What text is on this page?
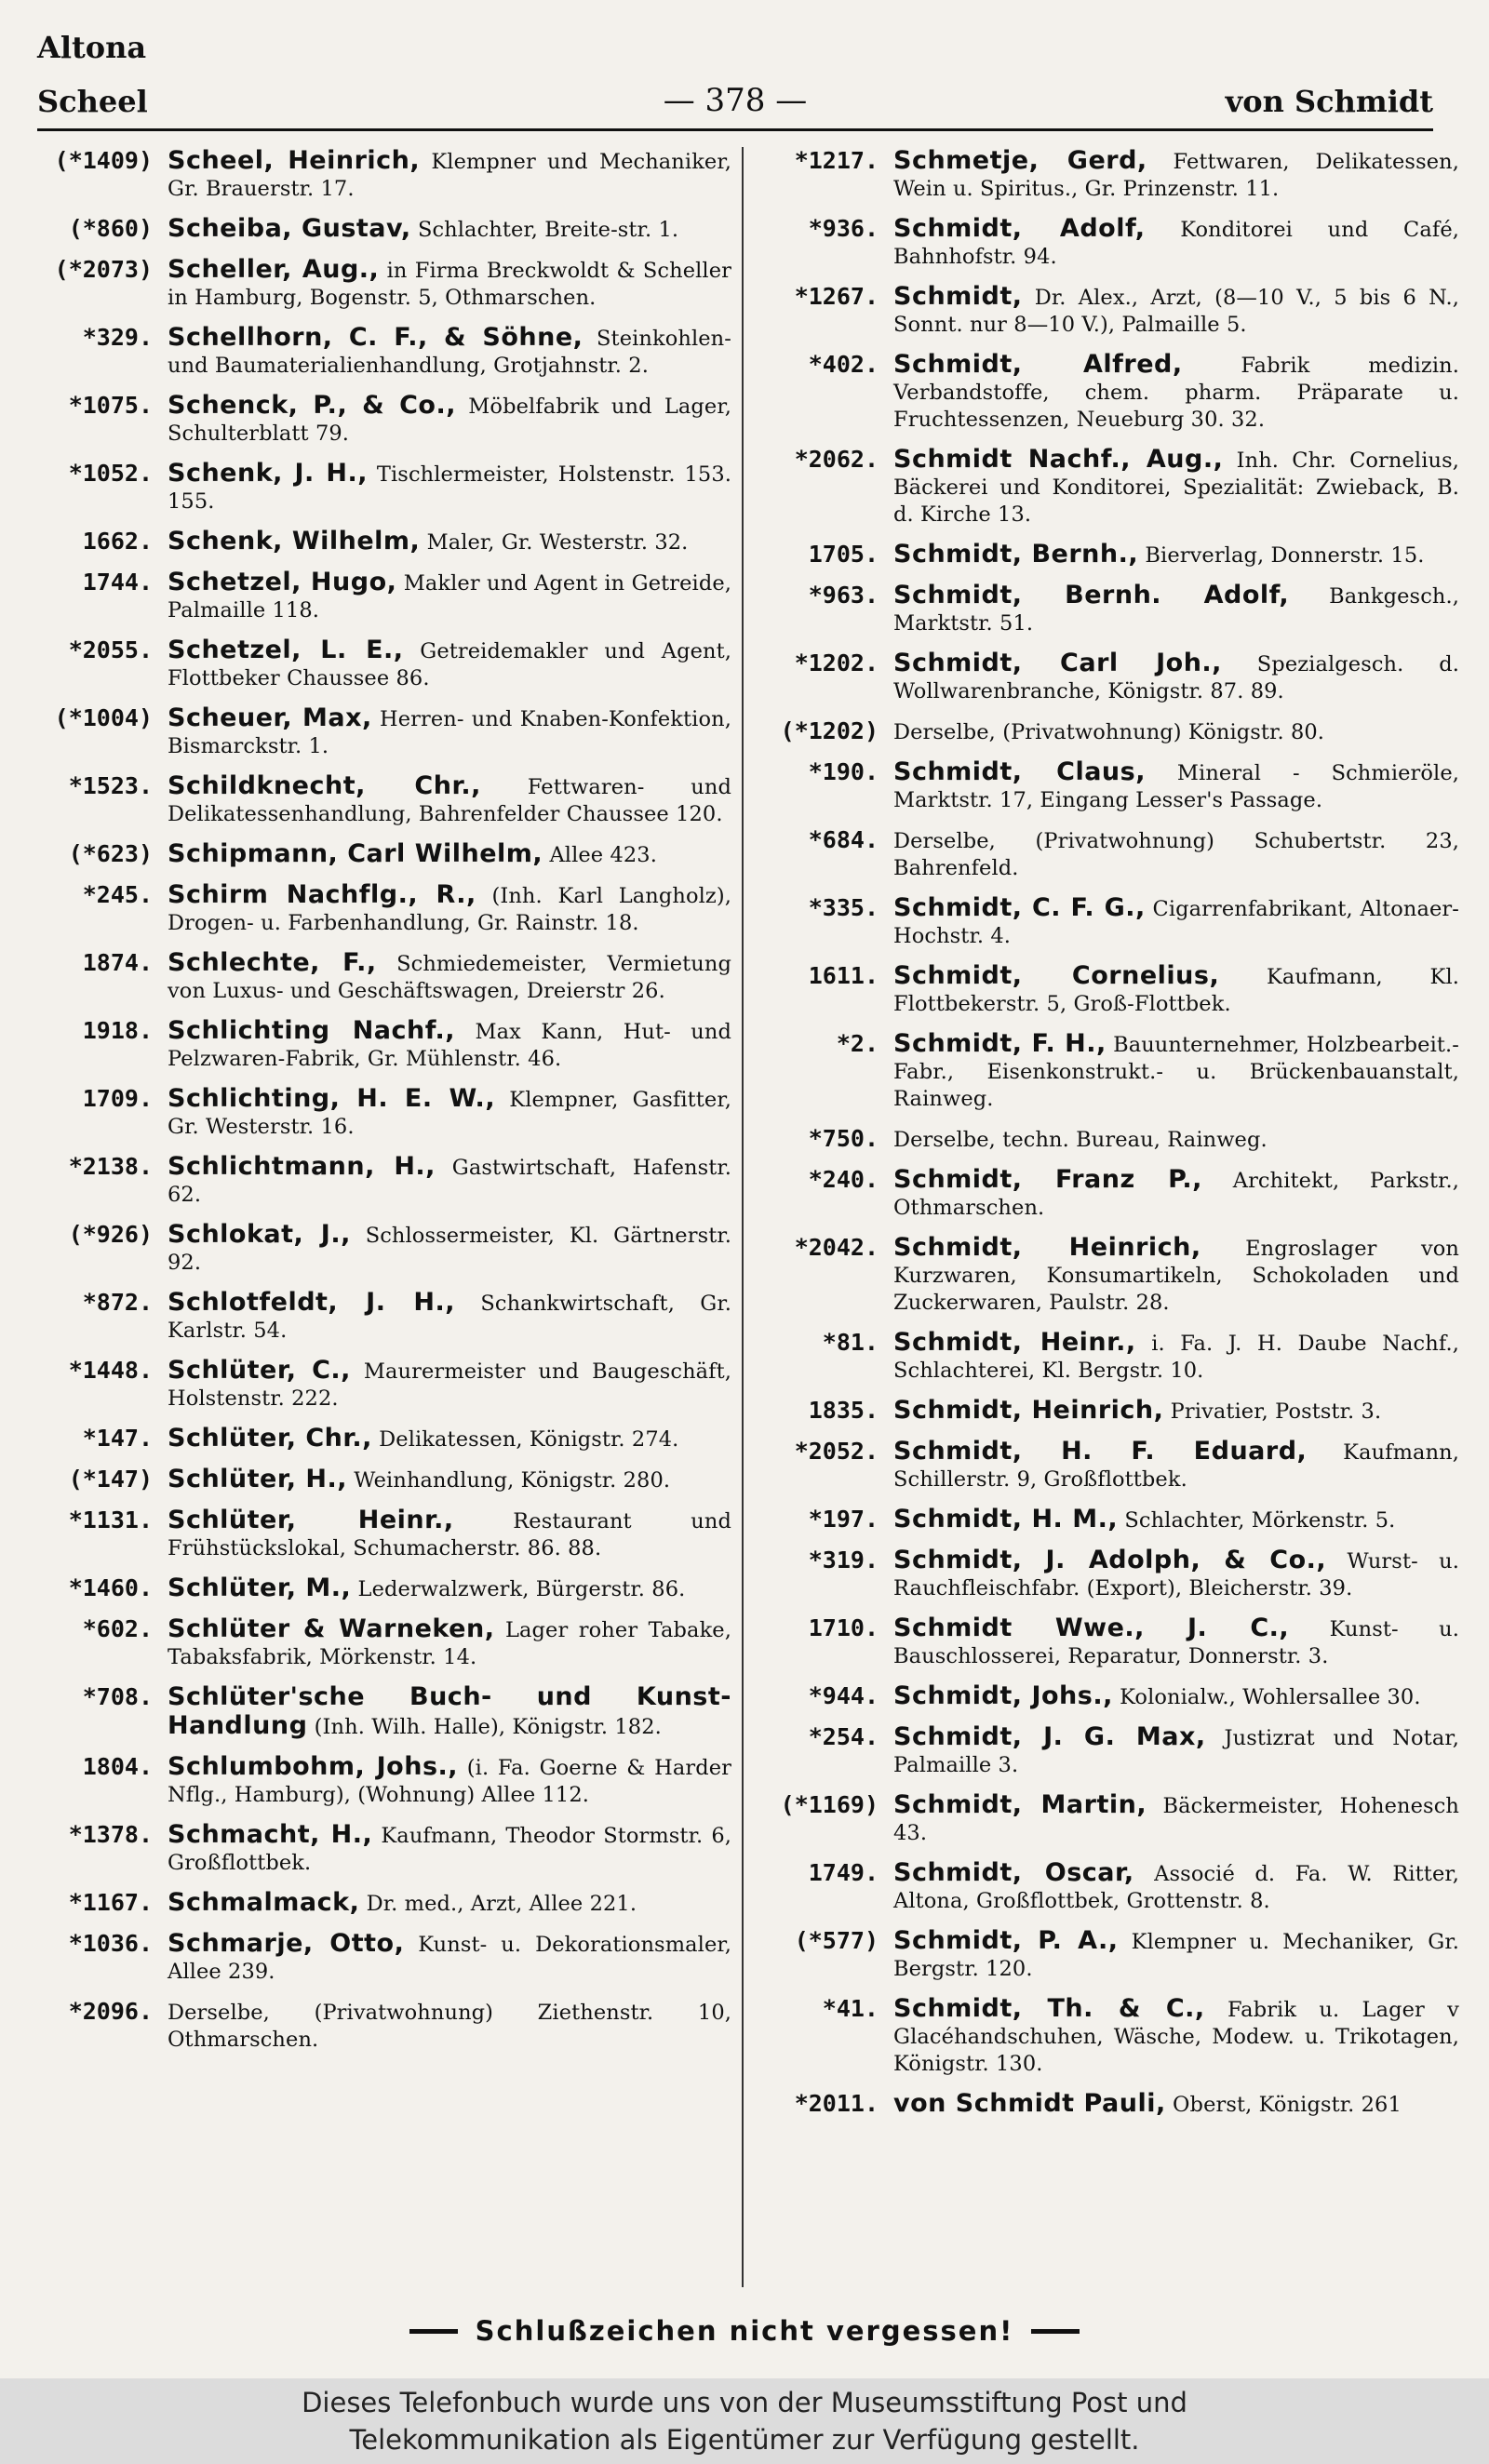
Altona
Scheel	— 378 —	von Schmidt
(*1409) Scheel, Heinrich, Klempner und Mechaniker, Gr. Brauerstr. 17.
(*860) Scheiba, Gustav, Schlachter, Breite-str. 1.
(*2073) Scheller, Aug., in Firma Breckwoldt & Scheller in Hamburg, Bogenstr. 5, Othmarschen.
*329. Schellhorn, C. F., & Söhne, Steinkohlen- und Baumaterialienhandlung, Grotjahnstr. 2.
*1075. Schenck, P., & Co., Möbelfabrik und Lager, Schulterblatt 79.
*1052. Schenk, J. H., Tischlermeister, Holstenstr. 153. 155.
1662. Schenk, Wilhelm, Maler, Gr. Westerstr. 32.
1744. Schetzel, Hugo, Makler und Agent in Getreide, Palmaille 118.
*2055. Schetzel, L. E., Getreidemakler und Agent, Flottbeker Chaussee 86.
(*1004) Scheuer, Max, Herren- und Knaben-Konfektion, Bismarckstr. 1.
*1523. Schildknecht, Chr., Fettwaren- und Delikatessenhandlung, Bahrenfelder Chaussee 120.
(*623) Schipmann, Carl Wilhelm, Allee 423.
*245. Schirm Nachflg., R., (Inh. Karl Langholz), Drogen- u. Farbenhandlung, Gr. Rainstr. 18.
1874. Schlechte, F., Schmiedemeister, Vermietung von Luxus- und Geschäftswagen, Dreierstr 26.
1918. Schlichting Nachf., Max Kann, Hut- und Pelzwaren-Fabrik, Gr. Mühlenstr. 46.
1709. Schlichting, H. E. W., Klempner, Gasfitter, Gr. Westerstr. 16.
*2138. Schlichtmann, H., Gastwirtschaft, Hafenstr. 62.
(*926) Schlokat, J., Schlossermeister, Kl. Gärtnerstr. 92.
*872. Schlotfeldt, J. H., Schankwirtschaft, Gr. Karlstr. 54.
*1448. Schlüter, C., Maurermeister und Baugeschäft, Holstenstr. 222.
*147. Schlüter, Chr., Delikatessen, Königstr. 274.
(*147) Schlüter, H., Weinhandlung, Königstr. 280.
*1131. Schlüter, Heinr.,	Restaurant und Frühstückslokal, Schumacherstr. 86. 88.
*1460. Schlüter, M., Lederwalzwerk, Bürgerstr. 86.
*602. Schlüter & Warneken, Lager roher Tabake, Tabaksfabrik, Mörkenstr. 14.
*708. Schlüter'sche Buch- und Kunst-Handlung (Inh. Wilh. Halle), Königstr. 182.
1804. Schlumbohm, Johs., (i. Fa. Goerne & Harder Nflg., Hamburg), (Wohnung) Allee 112.
*1378. Schmacht, H., Kaufmann, Theodor Stormstr. 6, Großflottbek.
*1167. Schmalmack, Dr. med., Arzt, Allee 221.
*1036. Schmarje, Otto, Kunst- u. Dekorationsmaler, Allee 239.
*2096. Derselbe, (Privatwohnung) Ziethenstr. 10, Othmarschen.
*1217. Schmetje, Gerd, Fettwaren, Delikatessen, Wein u. Spiritus., Gr. Prinzenstr. 11.
*936. Schmidt, Adolf, Konditorei und Café, Bahnhofstr. 94.
*1267. Schmidt, Dr. Alex., Arzt, (8—10 V., 5 bis 6 N., Sonnt. nur 8—10 V.), Palmaille 5.
*402. Schmidt, Alfred,	Fabrik medizin. Verbandstoffe, chem. pharm. Präparate u. Fruchtessenzen, Neueburg 30. 32.
*2062. Schmidt Nachf., Aug., Inh. Chr. Cornelius, Bäckerei und Konditorei, Spezialität: Zwieback, B. d. Kirche 13.
1705. Schmidt, Bernh., Bierverlag, Donnerstr. 15.
*963. Schmidt, Bernh. Adolf, Bankgesch., Marktstr. 51.
*1202. Schmidt, Carl Joh., Spezialgesch. d. Wollwarenbranche, Königstr. 87. 89.
(*1202) Derselbe, (Privatwohnung) Königstr. 80.
*190. Schmidt, Claus, Mineral - Schmieröle, Marktstr. 17, Eingang Lesser's Passage.
*684. Derselbe, (Privatwohnung) Schubertstr. 23, Bahrenfeld.
*335. Schmidt, C. F. G., Cigarrenfabrikant, Altonaer-Hochstr. 4.
1611. Schmidt, Cornelius, Kaufmann, Kl. Flottbekerstr. 5, Groß-Flottbek.
*2. Schmidt, F. H., Bauunternehmer, Holzbearbeit.-Fabr., Eisenkonstrukt.- u. Brückenbauanstalt, Rainweg.
*750. Derselbe, techn. Bureau, Rainweg.
*240. Schmidt, Franz P., Architekt, Parkstr., Othmarschen.
*2042. Schmidt, Heinrich, Engroslager von Kurzwaren, Konsumartikeln, Schokoladen und Zuckerwaren, Paulstr. 28.
*81. Schmidt, Heinr., i. Fa. J. H. Daube Nachf., Schlachterei, Kl. Bergstr. 10.
1835. Schmidt, Heinrich, Privatier, Poststr. 3.
*2052. Schmidt, H. F. Eduard, Kaufmann, Schillerstr. 9, Großflottbek.
*197. Schmidt, H. M., Schlachter, Mörkenstr. 5.
*319. Schmidt, J. Adolph, & Co., Wurst- u. Rauchfleischfabr. (Export), Bleicherstr. 39.
1710. Schmidt Wwe., J. C., Kunst- u. Bauschlosserei, Reparatur, Donnerstr. 3.
*944. Schmidt, Johs., Kolonialw., Wohlersallee 30.
*254. Schmidt, J. G. Max, Justizrat und Notar, Palmaille 3.
(*1169) Schmidt, Martin, Bäckermeister, Hohenesch 43.
1749. Schmidt, Oscar, Associé d. Fa. W. Ritter, Altona, Großflottbek, Grottenstr. 8.
(*577) Schmidt, P. A., Klempner u. Mechaniker, Gr. Bergstr. 120.
*41. Schmidt, Th. & C., Fabrik u. Lager v Glacéhandschuhen, Wäsche, Modew. u. Trikotagen, Königstr. 130.
*2011. von Schmidt Pauli, Oberst, Königstr. 261
Schlußzeichen nicht vergessen!
Dieses Telefonbuch wurde uns von der Museumsstiftung Post und
Telekommunikation als Eigentümer zur Verfügung gestellt.
